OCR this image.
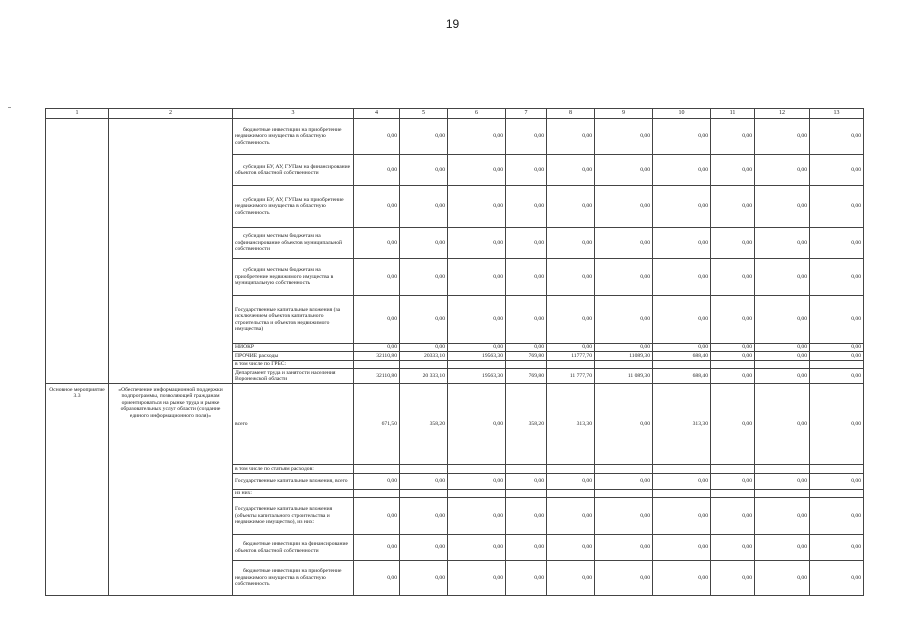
19
1	2	3	4	5	6	7	8	9	10	11	12	13
		бюджетные инвестиции на приобретение недвижимого имущества в областную собственность	0,00	0,00	0,00	0,00	0,00	0,00	0,00	0,00	0,00	0,00
		субсидии БУ, АУ, ГУПам на финансирование объектов областной собственности	0,00	0,00	0,00	0,00	0,00	0,00	0,00	0,00	0,00	0,00
		субсидии БУ, АУ, ГУПам на приобретение недвижимого имущества в областную собственность	0,00	0,00	0,00	0,00	0,00	0,00	0,00	0,00	0,00	0,00
		субсидии местным бюджетам на софинансирование объектов муниципальной собственности	0,00	0,00	0,00	0,00	0,00	0,00	0,00	0,00	0,00	0,00
		субсидии местным бюджетам на приобретение недвижимого имущества в муниципальную собственность	0,00	0,00	0,00	0,00	0,00	0,00	0,00	0,00	0,00	0,00
		Государственные капитальные вложения (за исключением объектов капитального строительства и объектов недвижимого имущества)	0,00	0,00	0,00	0,00	0,00	0,00	0,00	0,00	0,00	0,00
		НИОКР	0,00	0,00	0,00	0,00	0,00	0,00	0,00	0,00	0,00	0,00
		ПРОЧИЕ расходы	32110,80	20333,10	19563,30	769,80	11777,70	11089,30	688,40	0,00	0,00	0,00
		в том числе по ГРБС:										
		Департамент труда и занятости населения Воронежской области	32110,80	20 333,10	19563,30	769,80	11 777,70	11 089,30	688,40	0,00	0,00	0,00
Основное мероприятие 3.3	«Обеспечение информационной поддержки подпрограммы, позволяющей гражданам ориентироваться на рынке труда и рынке образовательных услуг области (создание единого информационного поля)»	всего	671,50	358,20	0,00	358,20	313,30	0,00	313,30	0,00	0,00	0,00
		в том числе по статьям расходов:										
		Государственные капитальные вложения, всего	0,00	0,00	0,00	0,00	0,00	0,00	0,00	0,00	0,00	0,00
		из них:										
		Государственные капитальные вложения (объекты капитального строительства и недвижимое имущество), из них:	0,00	0,00	0,00	0,00	0,00	0,00	0,00	0,00	0,00	0,00
		бюджетные инвестиции на финансирование объектов областной собственности	0,00	0,00	0,00	0,00	0,00	0,00	0,00	0,00	0,00	0,00
		бюджетные инвестиции на приобретение недвижимого имущества в областную собственность	0,00	0,00	0,00	0,00	0,00	0,00	0,00	0,00	0,00	0,00
